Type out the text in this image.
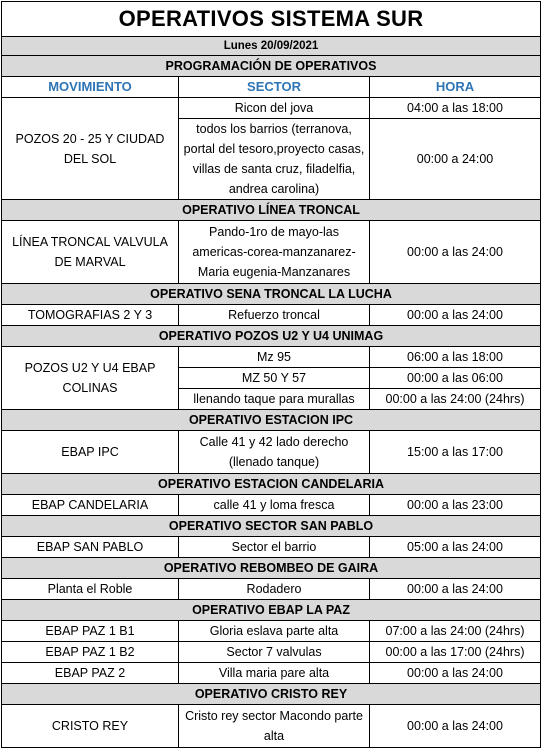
OPERATIVOS SISTEMA SUR		
Lunes 20/09/2021		
PROGRAMACIÓN DE OPERATIVOS		
MOVIMIENTO	SECTOR	HORA
POZOS 20 - 25 Y CIUDAD DEL SOL	Ricon del jova	04:00 a las 18:00
	todos los barrios (terranova, portal del tesoro,proyecto casas, villas de santa cruz, filadelfia, andrea carolina)	00:00 a 24:00
OPERATIVO LÍNEA TRONCAL		
LÍNEA TRONCAL VALVULA DE MARVAL	Pando-1ro de mayo-las americas-corea-manzanarez-Maria eugenia-Manzanares	00:00 a las 24:00
OPERATIVO SENA TRONCAL LA LUCHA		
TOMOGRAFIAS 2 Y 3	Refuerzo troncal	00:00 a las 24:00
OPERATIVO POZOS U2 Y U4 UNIMAG		
POZOS U2 Y U4 EBAP COLINAS	Mz 95	06:00 a las 18:00
	MZ 50 Y 57	00:00 a las 06:00
	llenando taque para murallas	00:00 a las 24:00 (24hrs)
OPERATIVO ESTACION IPC		
EBAP IPC	Calle 41 y 42 lado derecho (llenado tanque)	15:00 a las 17:00
OPERATIVO ESTACION CANDELARIA		
EBAP CANDELARIA	calle 41 y loma fresca	00:00 a las 23:00
OPERATIVO SECTOR SAN PABLO		
EBAP SAN PABLO	Sector el barrio	05:00 a las 24:00
OPERATIVO REBOMBEO DE GAIRA		
Planta el Roble	Rodadero	00:00 a las 24:00
OPERATIVO EBAP LA PAZ		
EBAP PAZ 1 B1	Gloria eslava parte alta	07:00 a las 24:00 (24hrs)
EBAP PAZ 1 B2	Sector 7 valvulas	00:00 a las 17:00 (24hrs)
EBAP PAZ 2	Villa maria pare alta	00:00 a las 24:00
OPERATIVO CRISTO REY		
CRISTO REY	Cristo rey sector Macondo parte alta	00:00 a las 24:00
